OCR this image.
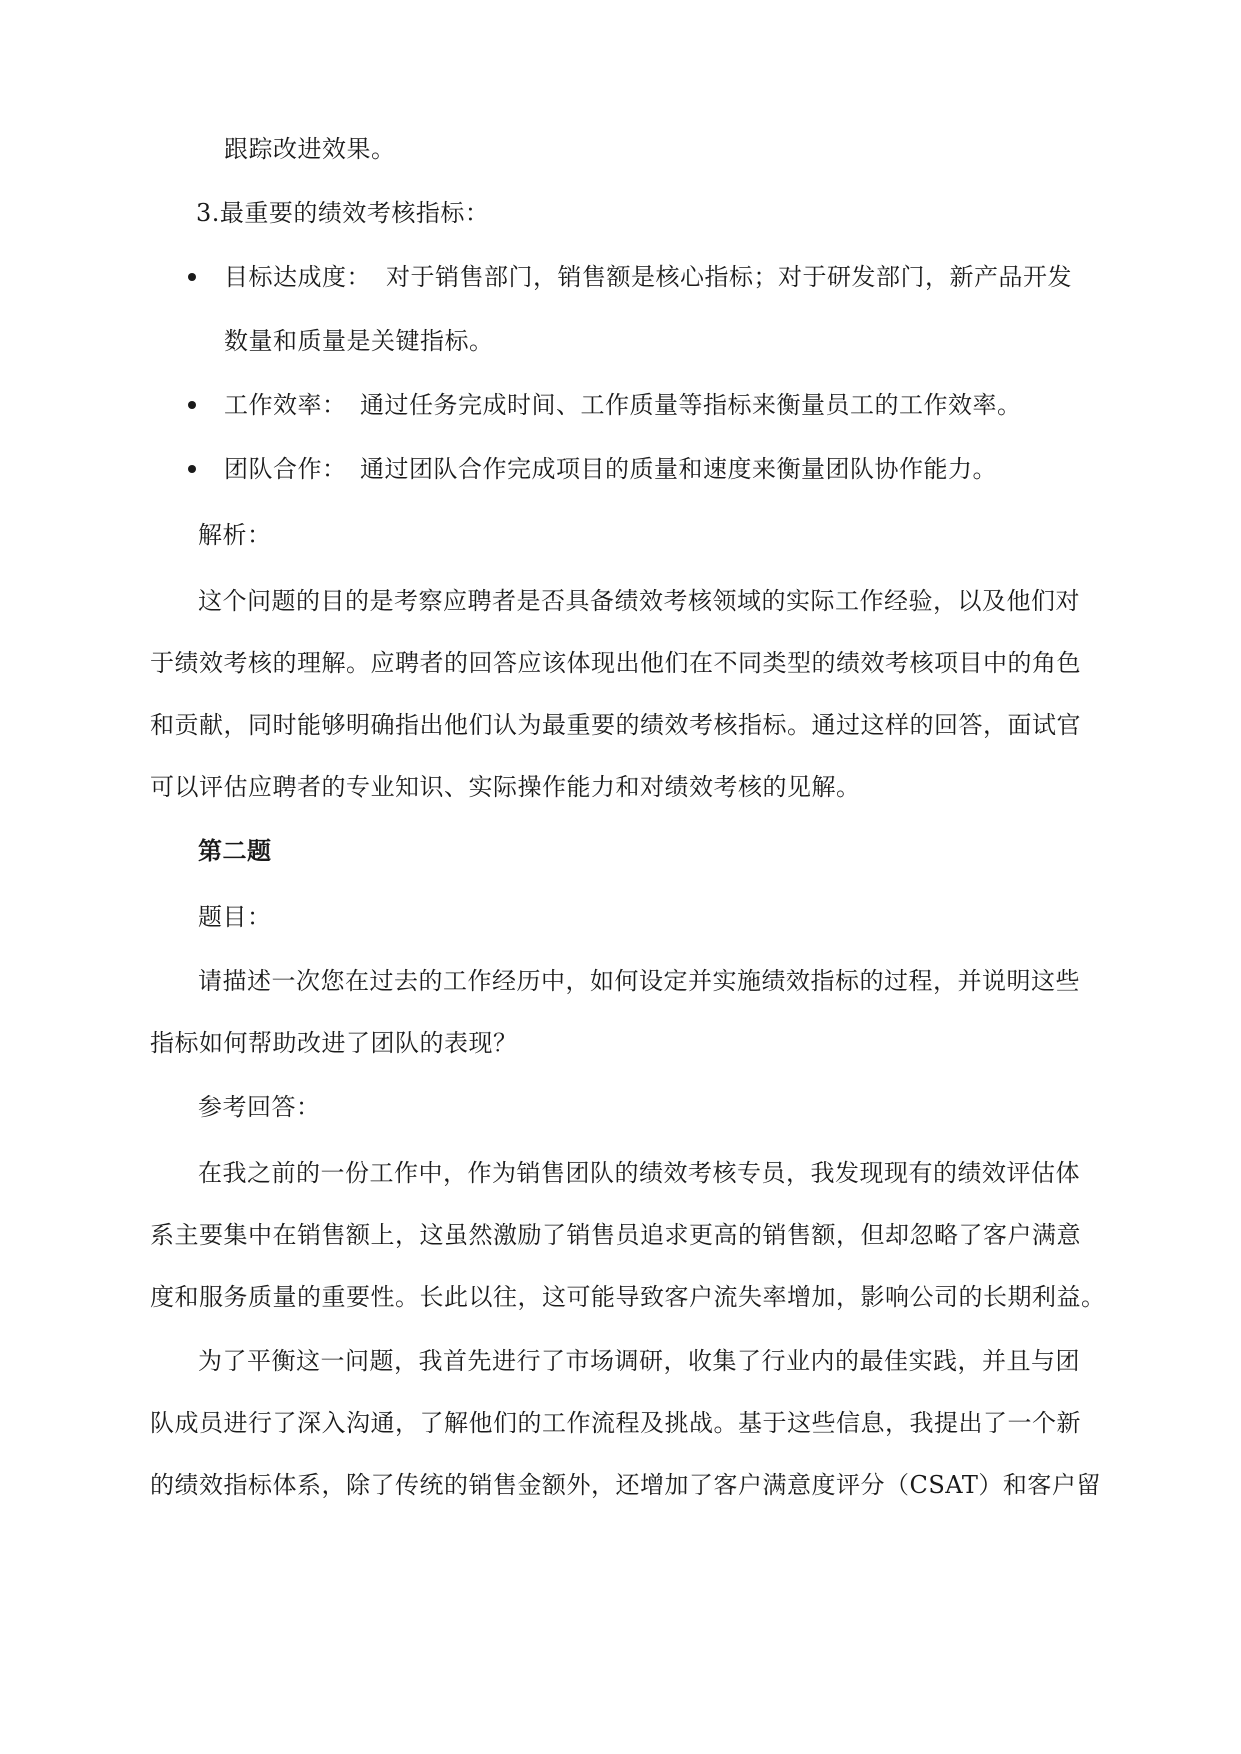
跟踪改进效果。
3.最重要的绩效考核指标：
目标达成度： 对于销售部门，销售额是核心指标；对于研发部门，新产品开发
数量和质量是关键指标。
工作效率： 通过任务完成时间、工作质量等指标来衡量员工的工作效率。
团队合作： 通过团队合作完成项目的质量和速度来衡量团队协作能力。
解析：
这个问题的目的是考察应聘者是否具备绩效考核领域的实际工作经验，以及他们对
于绩效考核的理解。应聘者的回答应该体现出他们在不同类型的绩效考核项目中的角色
和贡献，同时能够明确指出他们认为最重要的绩效考核指标。通过这样的回答，面试官
可以评估应聘者的专业知识、实际操作能力和对绩效考核的见解。
第二题
题目：
请描述一次您在过去的工作经历中，如何设定并实施绩效指标的过程，并说明这些
指标如何帮助改进了团队的表现？
参考回答：
在我之前的一份工作中，作为销售团队的绩效考核专员，我发现现有的绩效评估体
系主要集中在销售额上，这虽然激励了销售员追求更高的销售额，但却忽略了客户满意
度和服务质量的重要性。长此以往，这可能导致客户流失率增加，影响公司的长期利益。
为了平衡这一问题，我首先进行了市场调研，收集了行业内的最佳实践，并且与团
队成员进行了深入沟通，了解他们的工作流程及挑战。基于这些信息，我提出了一个新
的绩效指标体系，除了传统的销售金额外，还增加了客户满意度评分（CSAT）和客户留
